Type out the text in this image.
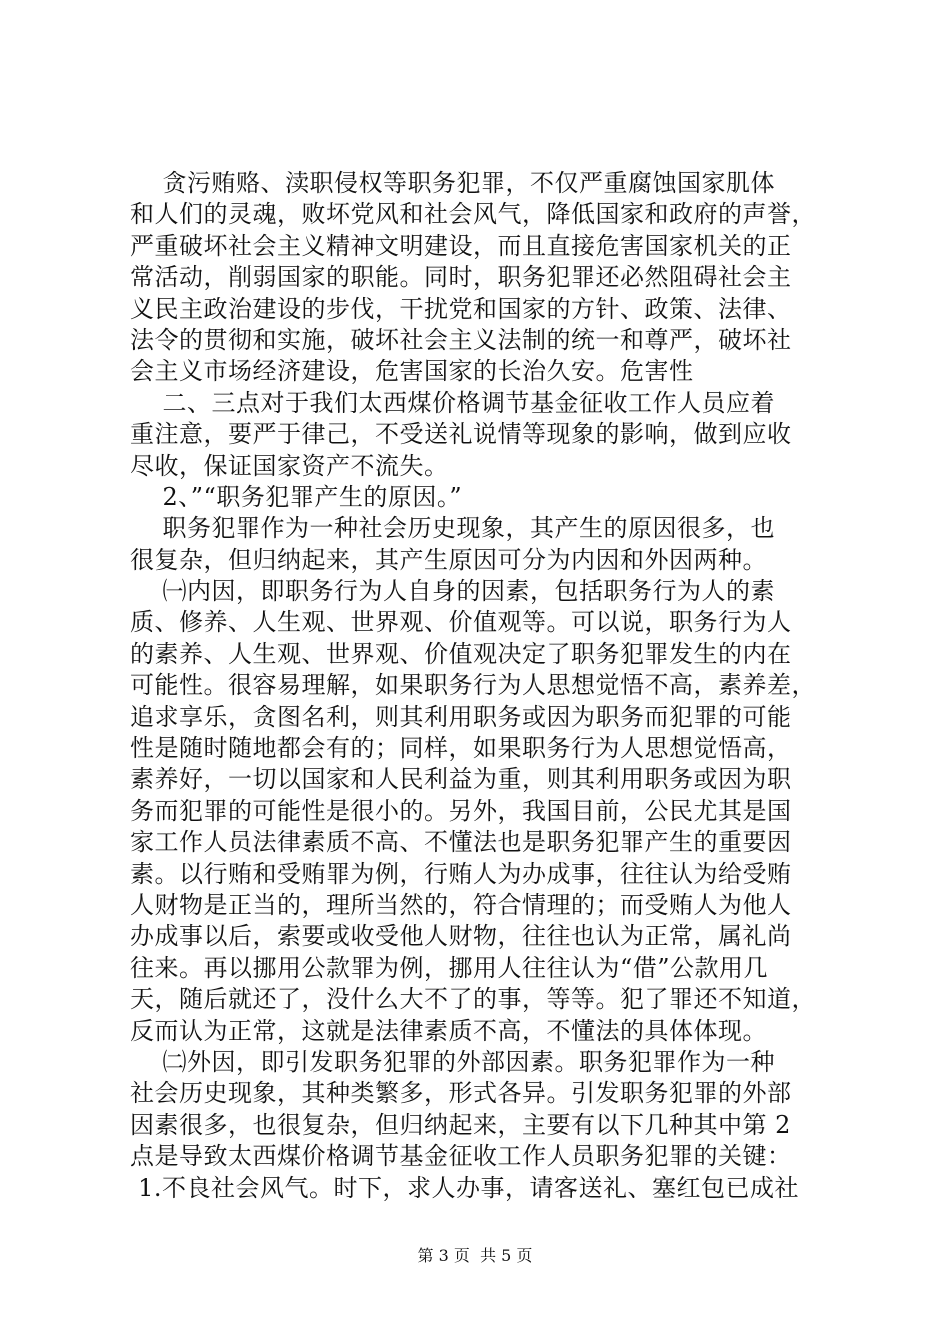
贪污贿赂、渎职侵权等职务犯罪，不仅严重腐蚀国家肌体
和人们的灵魂，败坏党风和社会风气，降低国家和政府的声誉，
严重破坏社会主义精神文明建设，而且直接危害国家机关的正
常活动，削弱国家的职能。同时，职务犯罪还必然阻碍社会主
义民主政治建设的步伐，干扰党和国家的方针、政策、法律、
法令的贯彻和实施，破坏社会主义法制的统一和尊严，破坏社
会主义市场经济建设，危害国家的长治久安。危害性
二、三点对于我们太西煤价格调节基金征收工作人员应着
重注意，要严于律己，不受送礼说情等现象的影响，做到应收
尽收，保证国家资产不流失。
2、”“职务犯罪产生的原因。”
职务犯罪作为一种社会历史现象，其产生的原因很多，也
很复杂，但归纳起来，其产生原因可分为内因和外因两种。
㈠内因，即职务行为人自身的因素，包括职务行为人的素
质、修养、人生观、世界观、价值观等。可以说，职务行为人
的素养、人生观、世界观、价值观决定了职务犯罪发生的内在
可能性。很容易理解，如果职务行为人思想觉悟不高，素养差，
追求享乐，贪图名利，则其利用职务或因为职务而犯罪的可能
性是随时随地都会有的；同样，如果职务行为人思想觉悟高，
素养好，一切以国家和人民利益为重，则其利用职务或因为职
务而犯罪的可能性是很小的。另外，我国目前，公民尤其是国
家工作人员法律素质不高、不懂法也是职务犯罪产生的重要因
素。以行贿和受贿罪为例，行贿人为办成事，往往认为给受贿
人财物是正当的，理所当然的，符合情理的；而受贿人为他人
办成事以后，索要或收受他人财物，往往也认为正常，属礼尚
往来。再以挪用公款罪为例，挪用人往往认为“借”公款用几
天，随后就还了，没什么大不了的事，等等。犯了罪还不知道，
反而认为正常，这就是法律素质不高，不懂法的具体体现。
㈡外因，即引发职务犯罪的外部因素。职务犯罪作为一种
社会历史现象，其种类繁多，形式各异。引发职务犯罪的外部
因素很多，也很复杂，但归纳起来，主要有以下几种其中第 2
点是导致太西煤价格调节基金征收工作人员职务犯罪的关键：
1.不良社会风气。时下，求人办事，请客送礼、塞红包已成社
第 3 页  共 5 页
